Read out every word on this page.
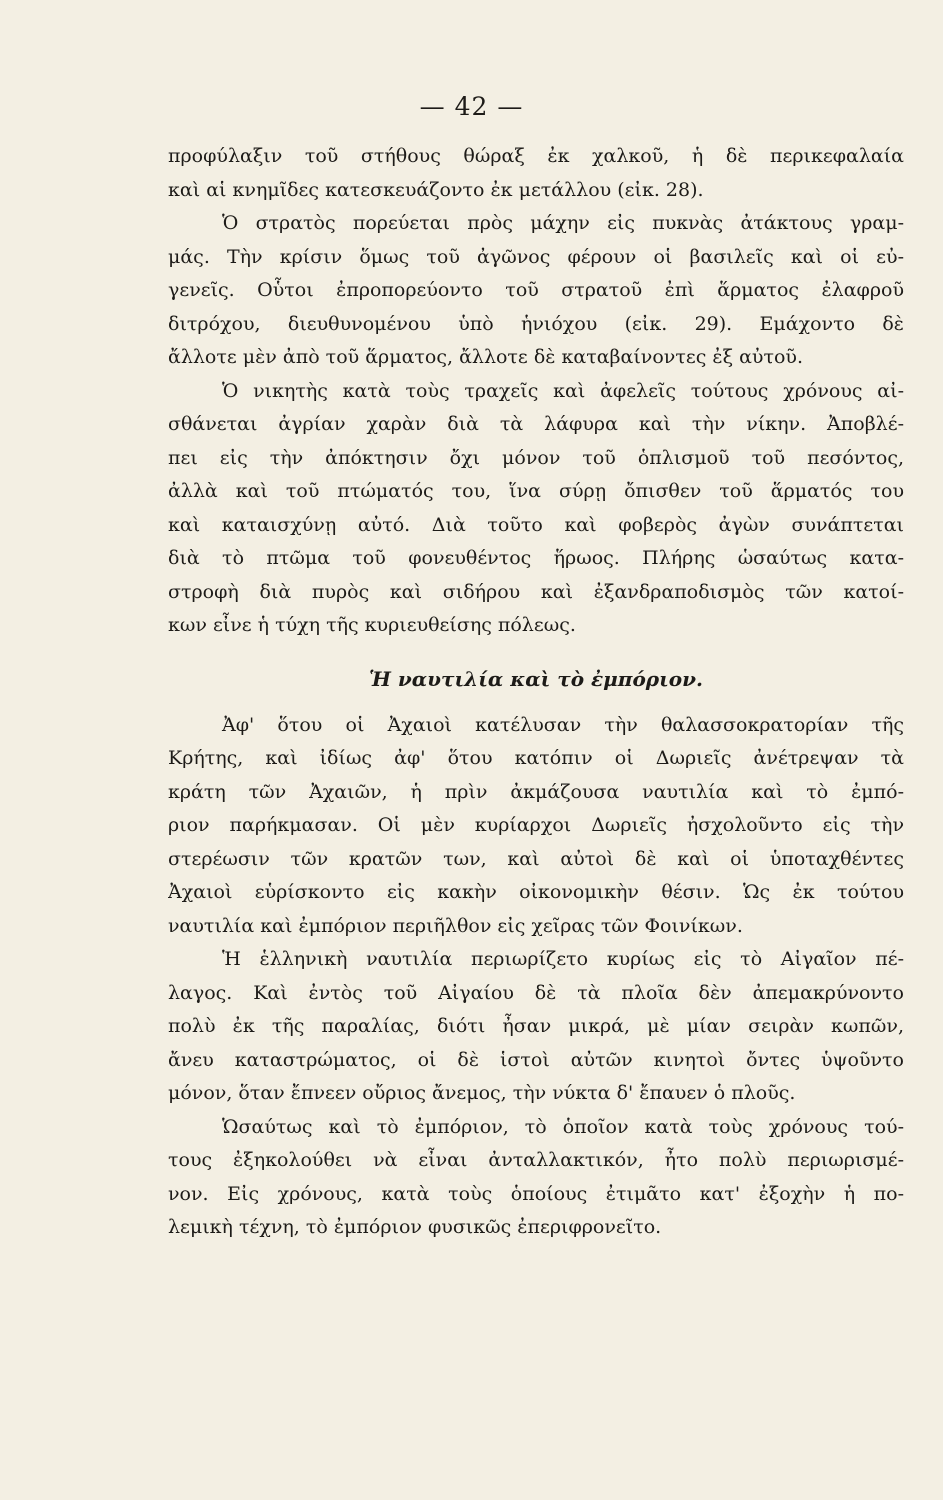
— 42 —
προφύλαξιν τοῦ στήθους θώραξ ἐκ χαλκοῦ, ἡ δὲ περικεφαλαία
καὶ αἱ κνημῖδες κατεσκευάζοντο ἐκ μετάλλου (εἰκ. 28).
Ὁ στρατὸς πορεύεται πρὸς μάχην εἰς πυκνὰς ἀτάκτους γραμ-
μάς. Τὴν κρίσιν ὅμως τοῦ ἀγῶνος φέρουν οἱ βασιλεῖς καὶ οἱ εὐ-
γενεῖς. Οὗτοι ἐπροπορεύοντο τοῦ στρατοῦ ἐπὶ ἅρματος ἐλαφροῦ
διτρόχου, διευθυνομένου ὑπὸ ἡνιόχου (εἰκ. 29). Εμάχοντο δὲ
ἄλλοτε μὲν ἀπὸ τοῦ ἅρματος, ἄλλοτε δὲ καταβαίνοντες ἐξ αὐτοῦ.
Ὁ νικητὴς κατὰ τοὺς τραχεῖς καὶ ἀφελεῖς τούτους χρόνους αἰ-
σθάνεται ἀγρίαν χαρὰν διὰ τὰ λάφυρα καὶ τὴν νίκην. Ἀποβλέ-
πει εἰς τὴν ἀπόκτησιν ὄχι μόνον τοῦ ὁπλισμοῦ τοῦ πεσόντος,
ἀλλὰ καὶ τοῦ πτώματός του, ἵνα σύρῃ ὄπισθεν τοῦ ἅρματός του
καὶ καταισχύνῃ αὐτό. Διὰ τοῦτο καὶ φοβερὸς ἀγὼν συνάπτεται
διὰ τὸ πτῶμα τοῦ φονευθέντος ἥρωος. Πλήρης ὡσαύτως κατα-
στροφὴ διὰ πυρὸς καὶ σιδήρου καὶ ἐξανδραποδισμὸς τῶν κατοί-
κων εἶνε ἡ τύχη τῆς κυριευθείσης πόλεως.
Ἡ ναυτιλία καὶ τὸ ἐμπόριον.
Ἀφ' ὅτου οἱ Ἀχαιοὶ κατέλυσαν τὴν θαλασσοκρατορίαν τῆς
Κρήτης, καὶ ἰδίως ἀφ' ὅτου κατόπιν οἱ Δωριεῖς ἀνέτρεψαν τὰ
κράτη τῶν Ἀχαιῶν, ἡ πρὶν ἀκμάζουσα ναυτιλία καὶ τὸ ἐμπό-
ριον παρήκμασαν. Οἱ μὲν κυρίαρχοι Δωριεῖς ἠσχολοῦντο εἰς τὴν
στερέωσιν τῶν κρατῶν των, καὶ αὐτοὶ δὲ καὶ οἱ ὑποταχθέντες
Ἀχαιοὶ εὑρίσκοντο εἰς κακὴν οἰκονομικὴν θέσιν. Ὡς ἐκ τούτου
ναυτιλία καὶ ἐμπόριον περιῆλθον εἰς χεῖρας τῶν Φοινίκων.
Ἡ ἑλληνικὴ ναυτιλία περιωρίζετο κυρίως εἰς τὸ Αἰγαῖον πέ-
λαγος. Καὶ ἐντὸς τοῦ Αἰγαίου δὲ τὰ πλοῖα δὲν ἀπεμακρύνοντο
πολὺ ἐκ τῆς παραλίας, διότι ἦσαν μικρά, μὲ μίαν σειρὰν κωπῶν,
ἄνευ καταστρώματος, οἱ δὲ ἱστοὶ αὐτῶν κινητοὶ ὄντες ὑψοῦντο
μόνον, ὅταν ἔπνεεν οὔριος ἄνεμος, τὴν νύκτα δ' ἔπαυεν ὁ πλοῦς.
Ὡσαύτως καὶ τὸ ἐμπόριον, τὸ ὁποῖον κατὰ τοὺς χρόνους τού-
τους ἐξηκολούθει νὰ εἶναι ἀνταλλακτικόν, ἦτο πολὺ περιωρισμέ-
νον. Εἰς χρόνους, κατὰ τοὺς ὁποίους ἐτιμᾶτο κατ' ἐξοχὴν ἡ πο-
λεμικὴ τέχνη, τὸ ἐμπόριον φυσικῶς ἐπεριφρονεῖτο.
